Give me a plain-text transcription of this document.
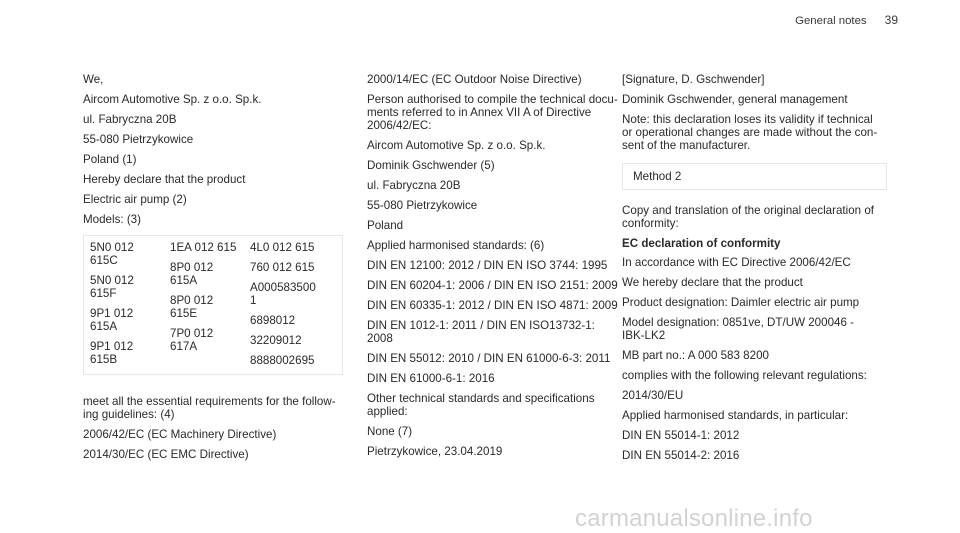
General notes 39
We,
Aircom Automotive Sp. z o.o. Sp.k.
ul. Fabryczna 20B
55-080 Pietrzykowice
Poland (1)
Hereby declare that the product
Electric air pump (2)
Models: (3)
5N0 012
615C
5N0 012
615F
9P1 012
615A
9P1 012
615B
1EA 012 615
8P0 012
615A
8P0 012
615E
7P0 012
617A
4L0 012 615
760 012 615
A000583500
1
6898012
32209012
8888002695
meet all the essential requirements for the follow-
ing guidelines: (4)
2006/42/EC (EC Machinery Directive)
2014/30/EC (EC EMC Directive)
2000/14/EC (EC Outdoor Noise Directive)
Person authorised to compile the technical docu-
ments referred to in Annex VII A of Directive
2006/42/EC:
Aircom Automotive Sp. z o.o. Sp.k.
Dominik Gschwender (5)
ul. Fabryczna 20B
55-080 Pietrzykowice
Poland
Applied harmonised standards: (6)
DIN EN 12100: 2012 / DIN EN ISO 3744: 1995
DIN EN 60204-1: 2006 / DIN EN ISO 2151: 2009
DIN EN 60335-1: 2012 / DIN EN ISO 4871: 2009
DIN EN 1012-1: 2011 / DIN EN ISO13732-1:
2008
DIN EN 55012: 2010 / DIN EN 61000-6-3: 2011
DIN EN 61000-6-1: 2016
Other technical standards and specifications
applied:
None (7)
Pietrzykowice, 23.04.2019
[Signature, D. Gschwender]
Dominik Gschwender, general management
Note: this declaration loses its validity if technical
or operational changes are made without the con-
sent of the manufacturer.
Method 2
Copy and translation of the original declaration of
conformity:
EC declaration of conformity
In accordance with EC Directive 2006/42/EC
We hereby declare that the product
Product designation: Daimler electric air pump
Model designation: 0851ve, DT/UW 200046 -
IBK-LK2
MB part no.: A 000 583 8200
complies with the following relevant regulations:
2014/30/EU
Applied harmonised standards, in particular:
DIN EN 55014-1: 2012
DIN EN 55014-2: 2016
carmanualsonline.info
